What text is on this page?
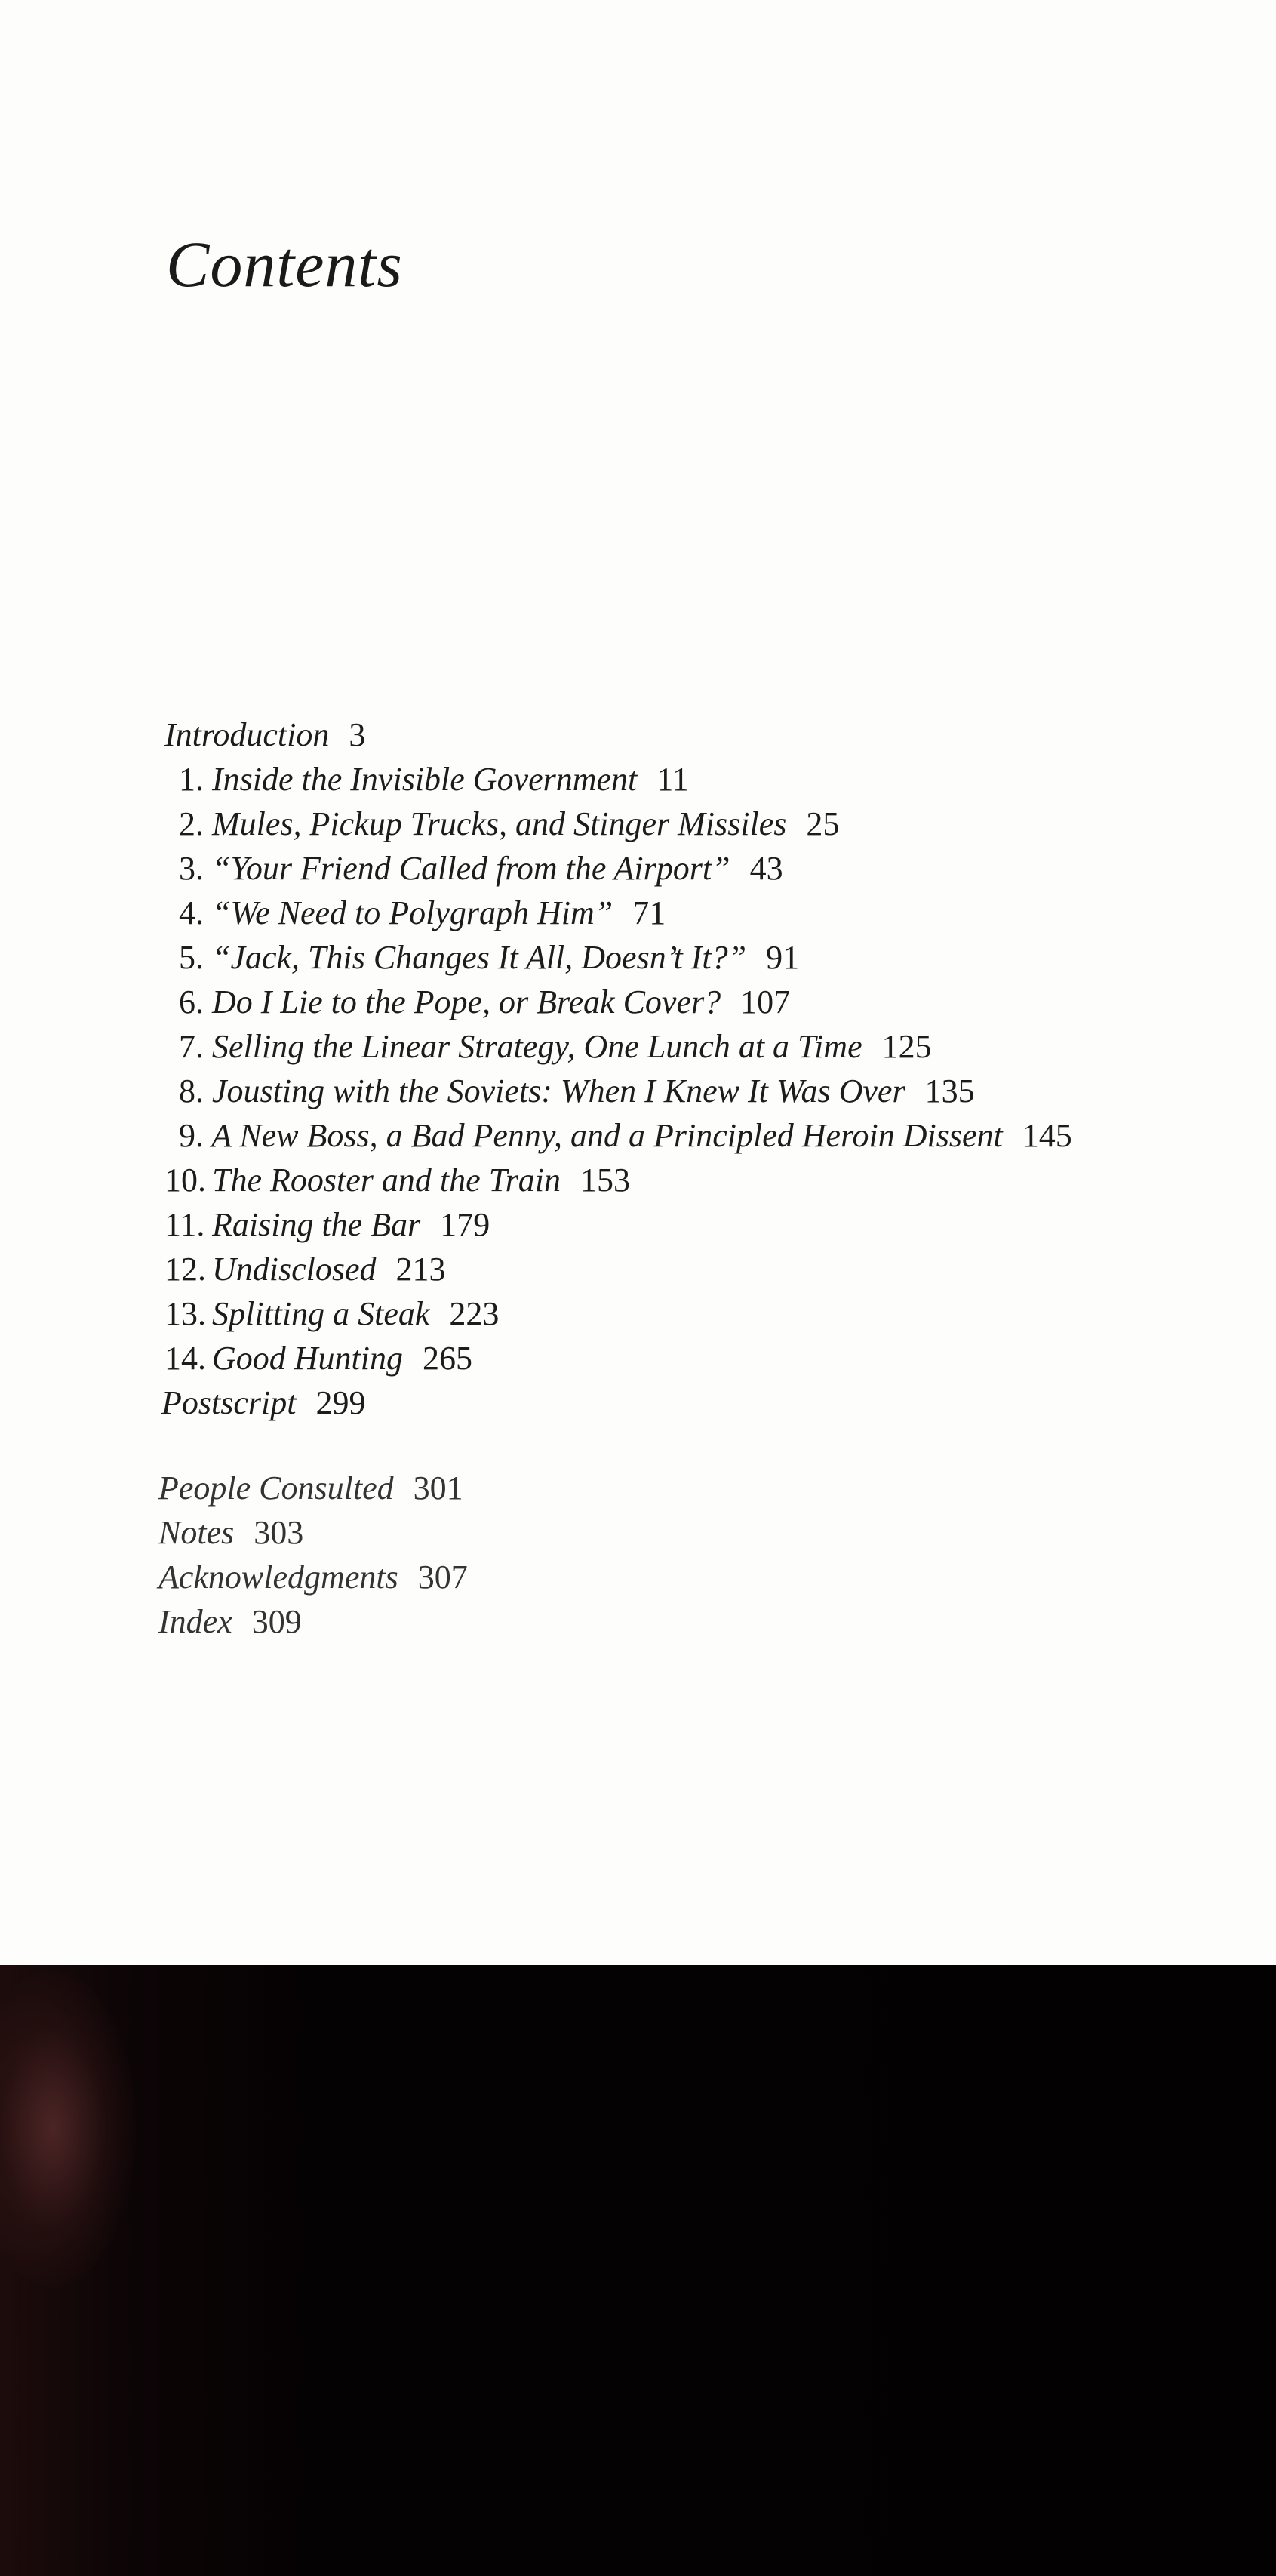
Contents
Introduction 3
1. Inside the Invisible Government 11
2. Mules, Pickup Trucks, and Stinger Missiles 25
3. “Your Friend Called from the Airport” 43
4. “We Need to Polygraph Him” 71
5. “Jack, This Changes It All, Doesn’t It?” 91
6. Do I Lie to the Pope, or Break Cover? 107
7. Selling the Linear Strategy, One Lunch at a Time 125
8. Jousting with the Soviets: When I Knew It Was Over 135
9. A New Boss, a Bad Penny, and a Principled Heroin Dissent 145
10. The Rooster and the Train 153
11. Raising the Bar 179
12. Undisclosed 213
13. Splitting a Steak 223
14. Good Hunting 265
Postscript 299
People Consulted 301
Notes 303
Acknowledgments 307
Index 309
